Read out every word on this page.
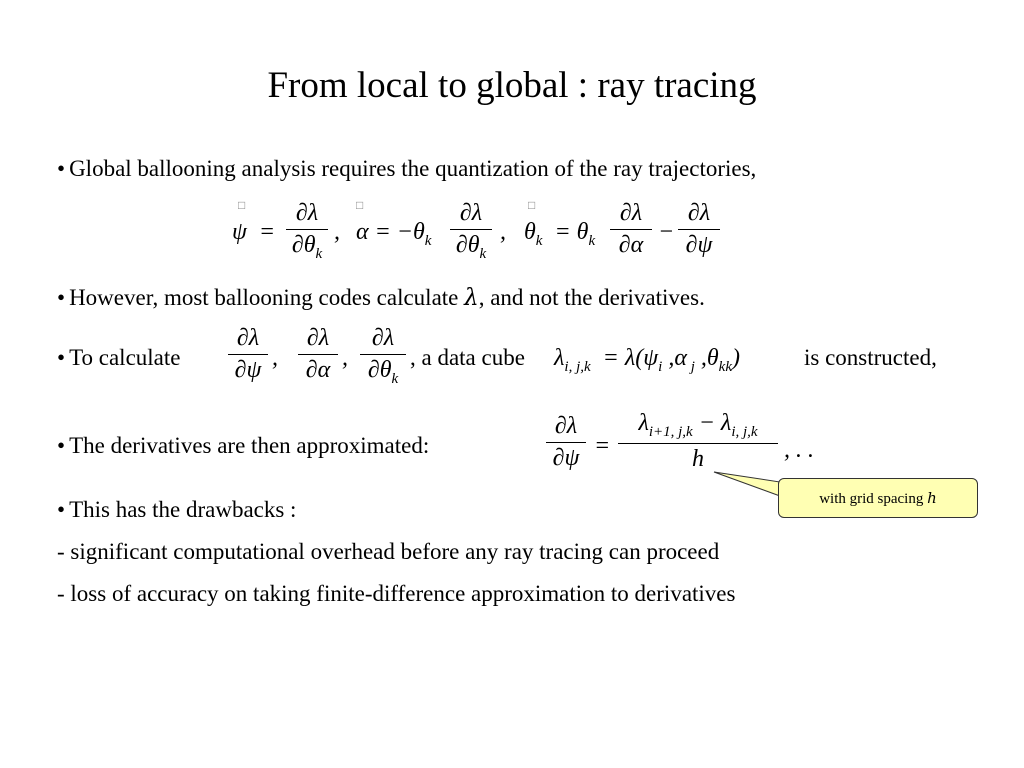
From local to global : ray tracing
• Global ballooning analysis requires the quantization of the ray trajectories,
□	□	□
ψ  =
∂λ
$\partial\theta_k$
, $\alpha = -\theta_k$
∂λ
$\partial\theta_k$
, $\theta_k = \theta_k$
∂λ
∂α −
∂λ
∂ψ
• However, most ballooning codes calculate λ, and not the derivatives.
• To calculate
∂λ
∂ψ ,
∂λ
∂α ,
∂λ
$\partial\theta_k$
, a data cube $\lambda_{i, j,k} = \lambda(\psi_i$ ,α $_j$ $,\theta_{kk}$)	is constructed,
• The derivatives are then approximated:
∂λ
∂ψ =
$\lambda_{i+1, j,k} - \lambda_{i, j,k}$
h	, . .
with grid spacing h
• This has the drawbacks :
- significant computational overhead before any ray tracing can proceed
- loss of accuracy on taking finite-difference approximation to derivatives
